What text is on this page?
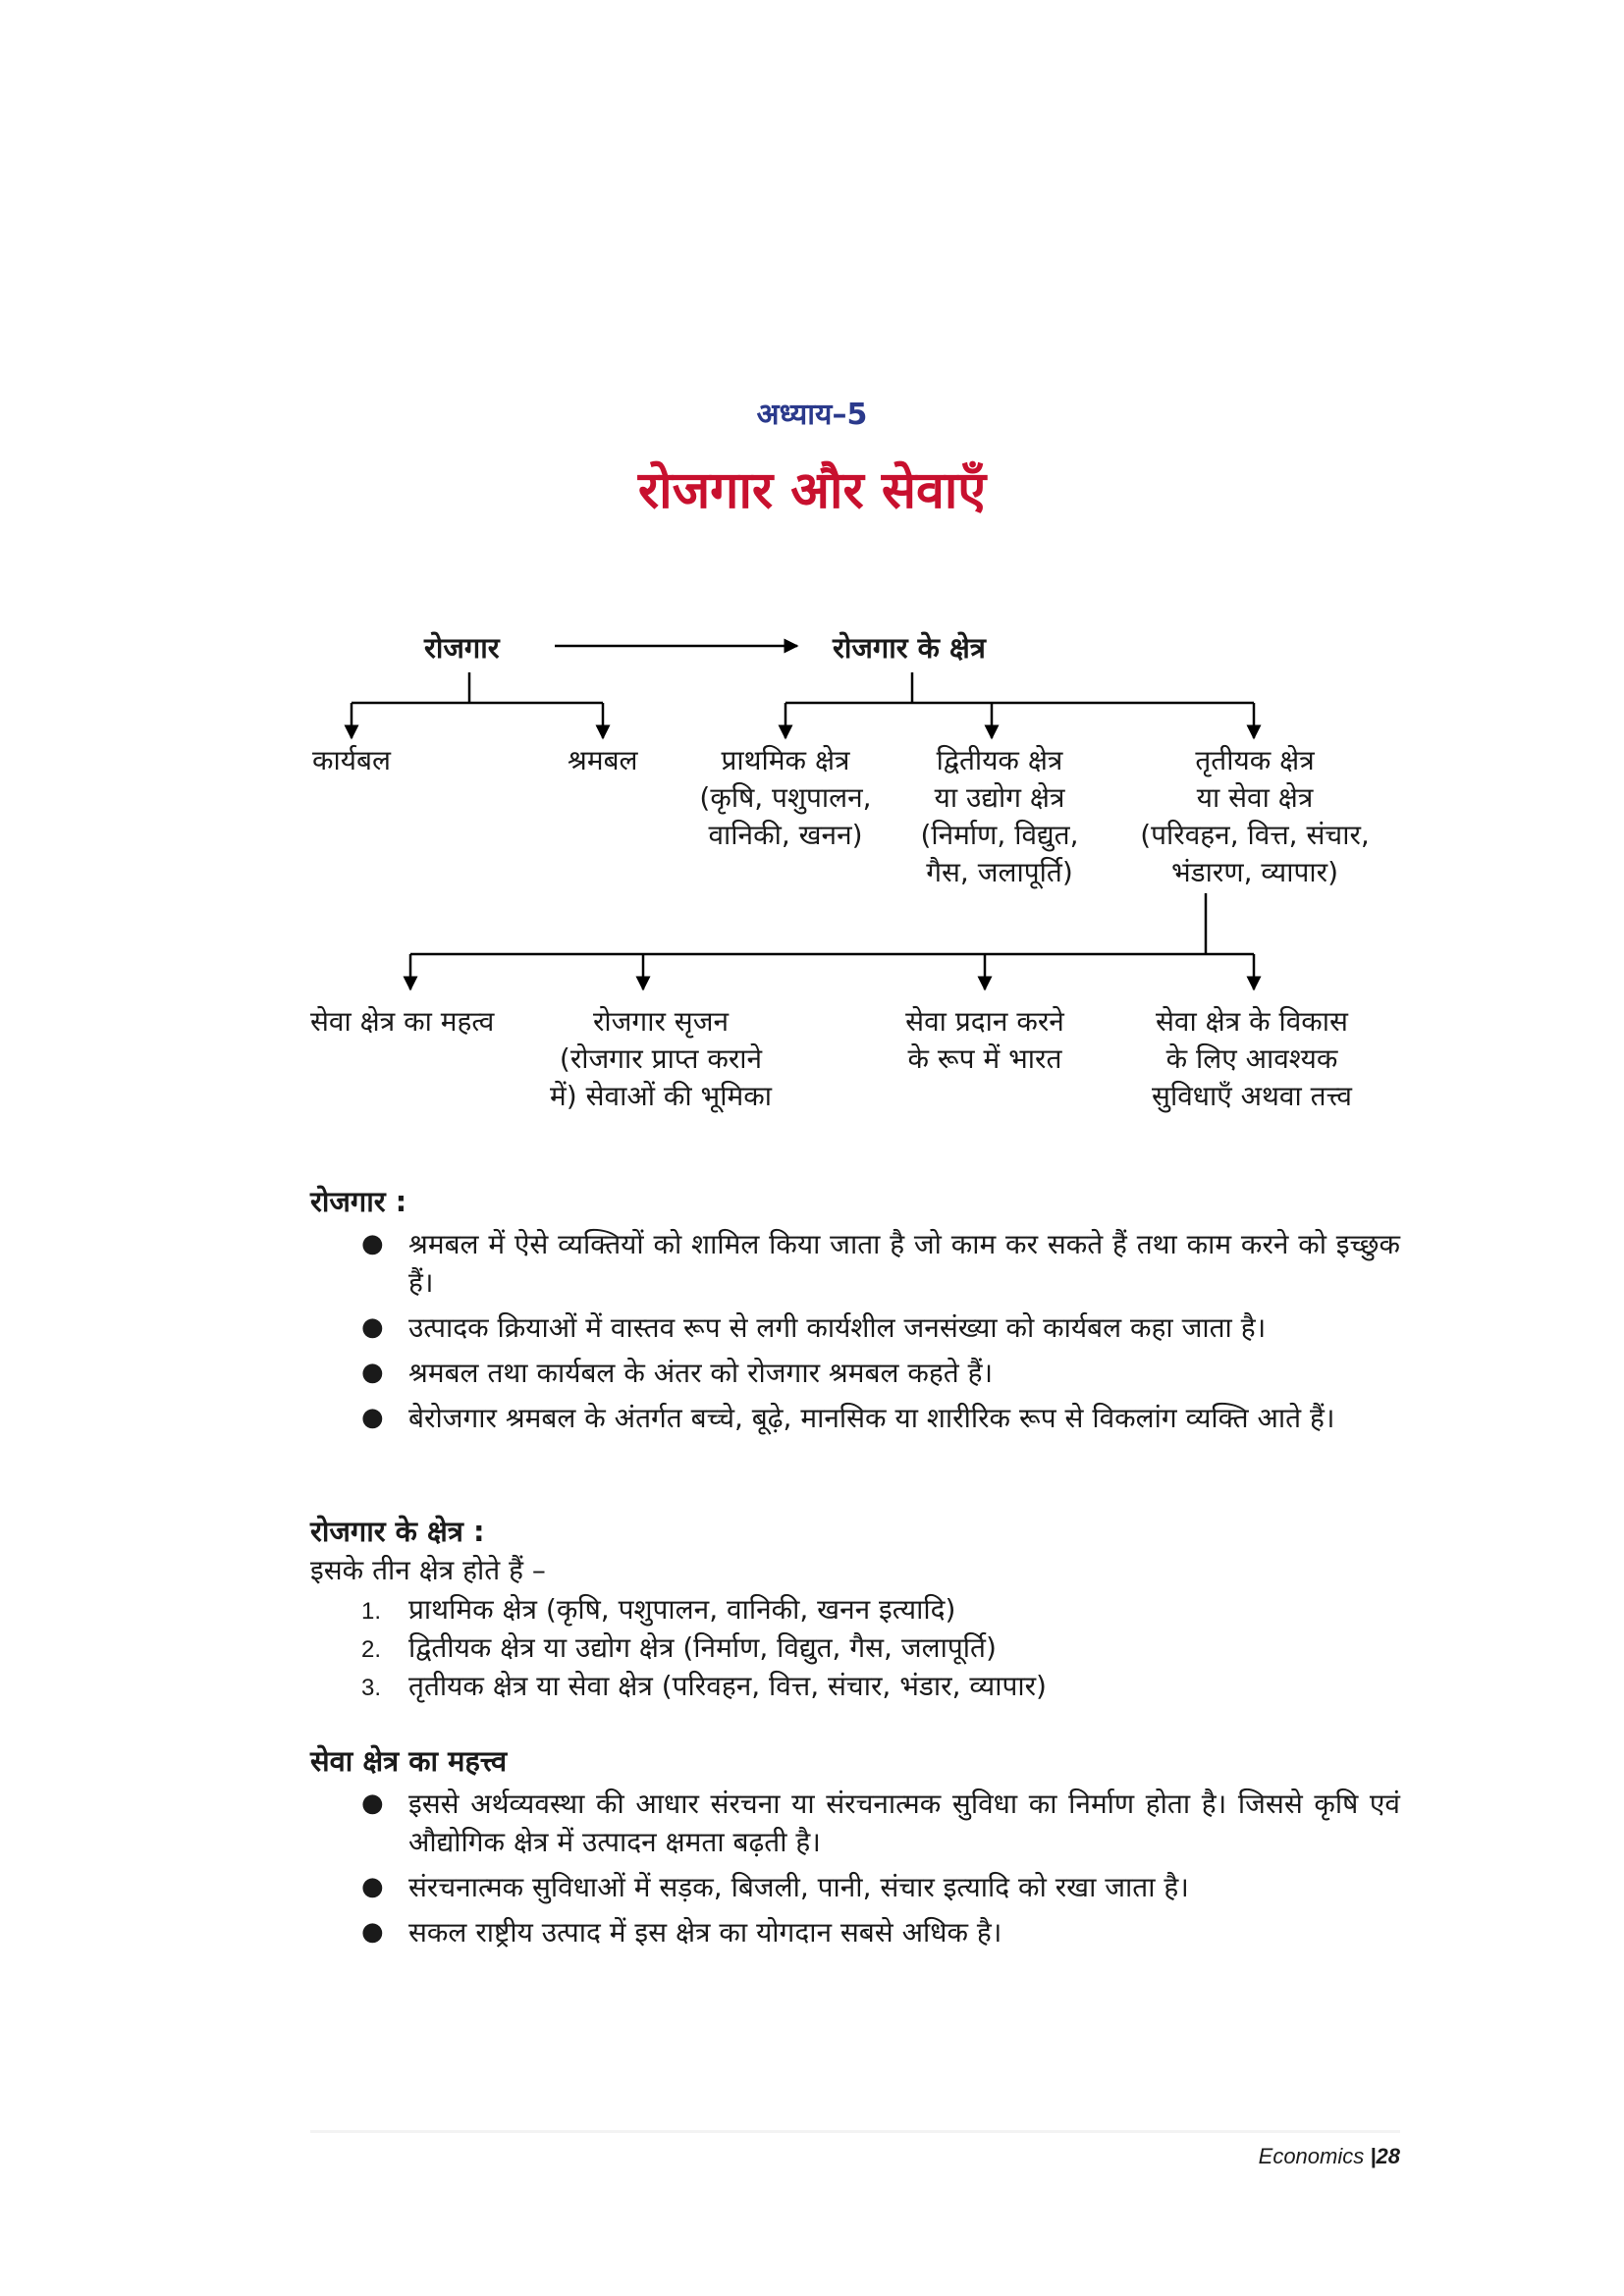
अध्याय–5
रोजगार और सेवाएँ
रोजगार	रोजगार के क्षेत्र
कार्यबल	श्रमबल	प्राथमिक क्षेत्र
(कृषि, पशुपालन,
वानिकी, खनन)
द्वितीयक क्षेत्र
या उद्योग क्षेत्र
(निर्माण, विद्युत,
गैस, जलापूर्ति)
तृतीयक क्षेत्र
या सेवा क्षेत्र
(परिवहन, वित्त, संचार,
भंडारण, व्यापार)
सेवा क्षेत्र का महत्व	रोजगार सृजन
(रोजगार प्राप्त कराने
में) सेवाओं की भूमिका
सेवा प्रदान करने
के रूप में भारत
सेवा क्षेत्र के विकास
के लिए आवश्यक
सुविधाएँ अथवा तत्त्व
रोजगार :
● श्रमबल में ऐसे व्यक्तियों को शामिल किया जाता है जो काम कर सकते हैं तथा काम करने को इच्छुक हैं।
● उत्पादक क्रियाओं में वास्तव रूप से लगी कार्यशील जनसंख्या को कार्यबल कहा जाता है।
● श्रमबल तथा कार्यबल के अंतर को रोजगार श्रमबल कहते हैं।
● बेरोजगार श्रमबल के अंतर्गत बच्चे, बूढ़े, मानसिक या शारीरिक रूप से विकलांग व्यक्ति आते हैं।
रोजगार के क्षेत्र :
इसके तीन क्षेत्र होते हैं –
1. प्राथमिक क्षेत्र (कृषि, पशुपालन, वानिकी, खनन इत्यादि)
2. द्वितीयक क्षेत्र या उद्योग क्षेत्र (निर्माण, विद्युत, गैस, जलापूर्ति)
3. तृतीयक क्षेत्र या सेवा क्षेत्र (परिवहन, वित्त, संचार, भंडार, व्यापार)
सेवा क्षेत्र का महत्त्व
● इससे अर्थव्यवस्था की आधार संरचना या संरचनात्मक सुविधा का निर्माण होता है। जिससे कृषि एवं औद्योगिक क्षेत्र में उत्पादन क्षमता बढ़ती है।
● संरचनात्मक सुविधाओं में सड़क, बिजली, पानी, संचार इत्यादि को रखा जाता है।
● सकल राष्ट्रीय उत्पाद में इस क्षेत्र का योगदान सबसे अधिक है।
Economics |28
